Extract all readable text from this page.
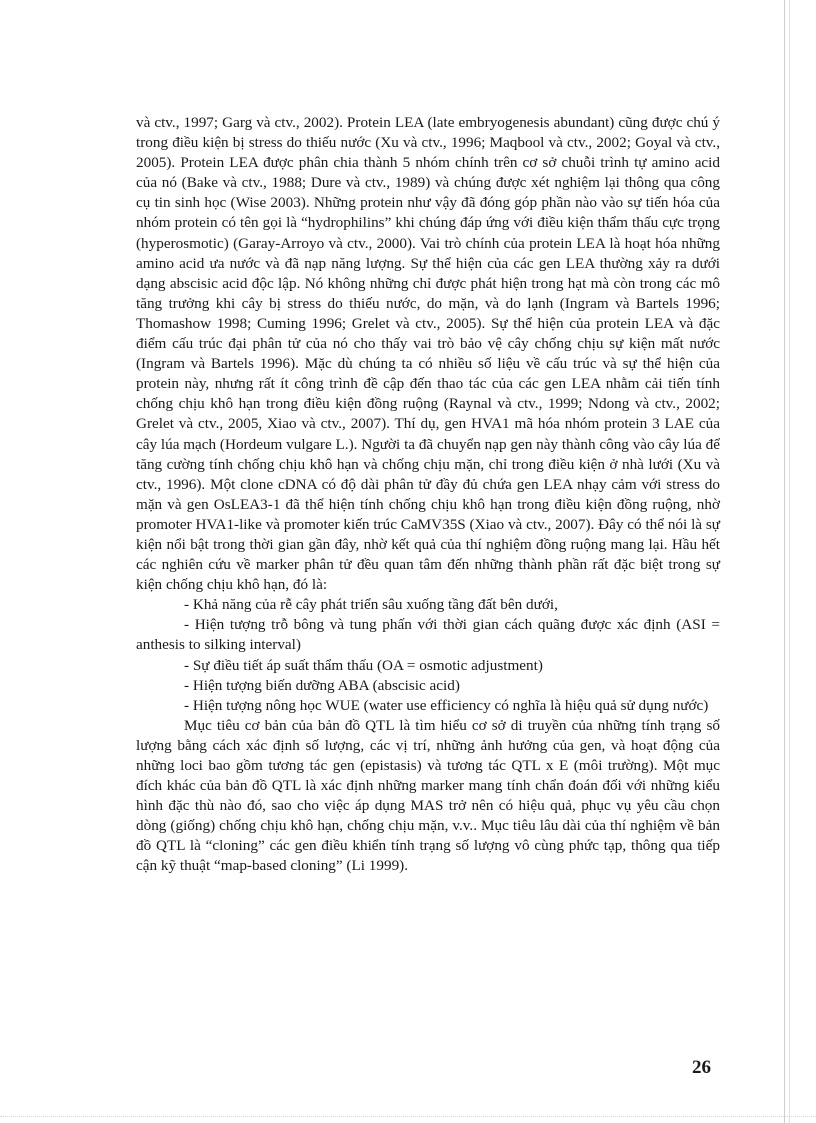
và ctv., 1997; Garg và ctv., 2002). Protein LEA (late embryogenesis abundant) cũng được chú ý trong điều kiện bị stress do thiếu nước (Xu và ctv., 1996; Maqbool và ctv., 2002; Goyal và ctv., 2005). Protein LEA được phân chia thành 5 nhóm chính trên cơ sở chuỗi trình tự amino acid của nó (Bake và ctv., 1988; Dure và ctv., 1989) và chúng được xét nghiệm lại thông qua công cụ tin sinh học (Wise 2003). Những protein như vậy đã đóng góp phần nào vào sự tiến hóa của nhóm protein có tên gọi là “hydrophilins” khi chúng đáp ứng với điều kiện thẩm thấu cực trọng (hyperosmotic) (Garay-Arroyo và ctv., 2000). Vai trò chính của protein LEA là hoạt hóa những amino acid ưa nước và đã nạp năng lượng. Sự thể hiện của các gen LEA thường xảy ra dưới dạng abscisic acid độc lập. Nó không những chỉ được phát hiện trong hạt mà còn trong các mô tăng trưởng khi cây bị stress do thiếu nước, do mặn, và do lạnh (Ingram và Bartels 1996; Thomashow 1998; Cuming 1996; Grelet và ctv., 2005). Sự thể hiện của protein LEA và đặc điểm cấu trúc đại phân tử của nó cho thấy vai trò bảo vệ cây chống chịu sự kiện mất nước (Ingram và Bartels 1996). Mặc dù chúng ta có nhiều số liệu về cấu trúc và sự thể hiện của protein này, nhưng rất ít công trình đề cập đến thao tác của các gen LEA nhằm cải tiến tính chống chịu khô hạn trong điều kiện đồng ruộng (Raynal và ctv., 1999; Ndong và ctv., 2002; Grelet và ctv., 2005, Xiao và ctv., 2007). Thí dụ, gen HVA1 mã hóa nhóm protein 3 LAE của cây lúa mạch (Hordeum vulgare L.). Người ta đã chuyển nạp gen này thành công vào cây lúa để tăng cường tính chống chịu khô hạn và chống chịu mặn, chỉ trong điều kiện ở nhà lưới (Xu và ctv., 1996). Một clone cDNA có độ dài phân tử đầy đủ chứa gen LEA nhạy cảm với stress do mặn và gen OsLEA3-1 đã thể hiện tính chống chịu khô hạn trong điều kiện đồng ruộng, nhờ promoter HVA1-like và promoter kiến trúc CaMV35S (Xiao và ctv., 2007). Đây có thể nói là sự kiện nổi bật trong thời gian gần đây, nhờ kết quả của thí nghiệm đồng ruộng mang lại. Hầu hết các nghiên cứu về marker phân tử đều quan tâm đến những thành phần rất đặc biệt trong sự kiện chống chịu khô hạn, đó là:

- Khả năng của rễ cây phát triển sâu xuống tầng đất bên dưới,

- Hiện tượng trỗ bông và tung phấn với thời gian cách quãng được xác định (ASI = anthesis to silking interval)

- Sự điều tiết áp suất thẩm thấu (OA = osmotic adjustment)

- Hiện tượng biến dưỡng ABA (abscisic acid)

- Hiện tượng nông học WUE (water use efficiency có nghĩa là hiệu quả sử dụng nước)

Mục tiêu cơ bản của bản đồ QTL là tìm hiểu cơ sở di truyền của những tính trạng số lượng bằng cách xác định số lượng, các vị trí, những ảnh hưởng của gen, và hoạt động của những loci bao gồm tương tác gen (epistasis) và tương tác QTL x E (môi trường). Một mục đích khác của bản đồ QTL là xác định những marker mang tính chẩn đoán đối với những kiểu hình đặc thù nào đó, sao cho việc áp dụng MAS trở nên có hiệu quả, phục vụ yêu cầu chọn dòng (giống) chống chịu khô hạn, chống chịu mặn, v.v.. Mục tiêu lâu dài của thí nghiệm về bản đồ QTL là “cloning” các gen điều khiển tính trạng số lượng vô cùng phức tạp, thông qua tiếp cận kỹ thuật “map-based cloning” (Li 1999).

26
